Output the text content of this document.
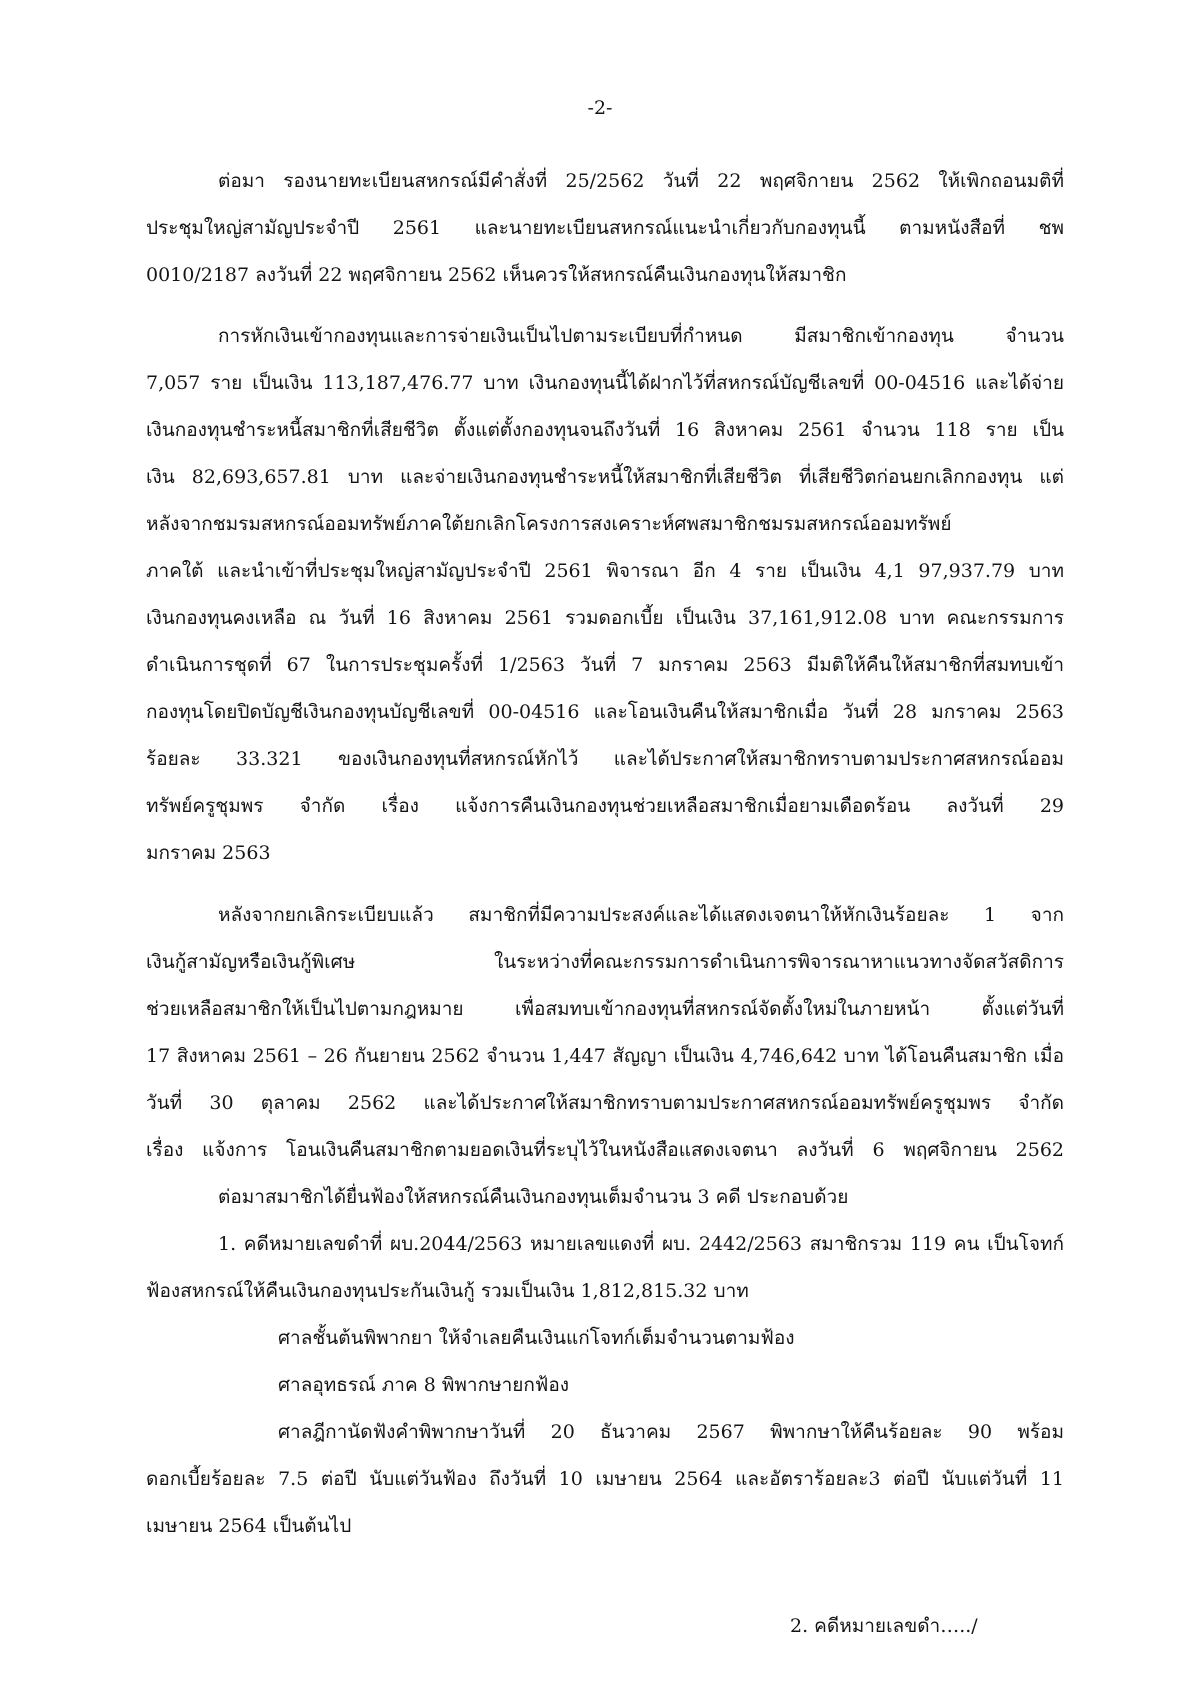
-2-
ต่อมา รองนายทะเบียนสหกรณ์มีคำสั่งที่ 25/2562 วันที่ 22 พฤศจิกายน 2562 ให้เพิกถอนมติที่
ประชุมใหญ่สามัญประจำปี 2561 และนายทะเบียนสหกรณ์แนะนำเกี่ยวกับกองทุนนี้ ตามหนังสือที่ ชพ
0010/2187 ลงวันที่ 22 พฤศจิกายน 2562 เห็นควรให้สหกรณ์คืนเงินกองทุนให้สมาชิก
การหักเงินเข้ากองทุนและการจ่ายเงินเป็นไปตามระเบียบที่กำหนด มีสมาชิกเข้ากองทุน จำนวน
7,057 ราย เป็นเงิน 113,187,476.77 บาท เงินกองทุนนี้ได้ฝากไว้ที่สหกรณ์บัญชีเลขที่ 00-04516 และได้จ่าย
เงินกองทุนชำระหนี้สมาชิกที่เสียชีวิต ตั้งแต่ตั้งกองทุนจนถึงวันที่ 16 สิงหาคม 2561 จำนวน 118 ราย เป็น
เงิน 82,693,657.81 บาท และจ่ายเงินกองทุนชำระหนี้ให้สมาชิกที่เสียชีวิต ที่เสียชีวิตก่อนยกเลิกกองทุน แต่
หลังจากชมรมสหกรณ์ออมทรัพย์ภาคใต้ยกเลิกโครงการสงเคราะห์ศพสมาชิกชมรมสหกรณ์ออมทรัพย์
ภาคใต้ และนำเข้าที่ประชุมใหญ่สามัญประจำปี 2561 พิจารณา อีก 4 ราย เป็นเงิน 4,1 97,937.79 บาท
เงินกองทุนคงเหลือ ณ วันที่ 16 สิงหาคม 2561 รวมดอกเบี้ย เป็นเงิน 37,161,912.08 บาท คณะกรรมการ
ดำเนินการชุดที่ 67 ในการประชุมครั้งที่ 1/2563 วันที่ 7 มกราคม 2563 มีมติให้คืนให้สมาชิกที่สมทบเข้า
กองทุนโดยปิดบัญชีเงินกองทุนบัญชีเลขที่ 00-04516 และโอนเงินคืนให้สมาชิกเมื่อ วันที่ 28 มกราคม 2563
ร้อยละ 33.321 ของเงินกองทุนที่สหกรณ์หักไว้ และได้ประกาศให้สมาชิกทราบตามประกาศสหกรณ์ออม
ทรัพย์ครูชุมพร จำกัด เรื่อง แจ้งการคืนเงินกองทุนช่วยเหลือสมาชิกเมื่อยามเดือดร้อน ลงวันที่ 29
มกราคม 2563
หลังจากยกเลิกระเบียบแล้ว สมาชิกที่มีความประสงค์และได้แสดงเจตนาให้หักเงินร้อยละ 1 จาก
เงินกู้สามัญหรือเงินกู้พิเศษ ในระหว่างที่คณะกรรมการดำเนินการพิจารณาหาแนวทางจัดสวัสดิการ
ช่วยเหลือสมาชิกให้เป็นไปตามกฎหมาย เพื่อสมทบเข้ากองทุนที่สหกรณ์จัดตั้งใหม่ในภายหน้า ตั้งแต่วันที่
17 สิงหาคม 2561 – 26 กันยายน 2562 จำนวน 1,447 สัญญา เป็นเงิน 4,746,642 บาท ได้โอนคืนสมาชิก เมื่อ
วันที่ 30 ตุลาคม 2562 และได้ประกาศให้สมาชิกทราบตามประกาศสหกรณ์ออมทรัพย์ครูชุมพร จำกัด
เรื่อง แจ้งการ โอนเงินคืนสมาชิกตามยอดเงินที่ระบุไว้ในหนังสือแสดงเจตนา ลงวันที่ 6 พฤศจิกายน 2562
ต่อมาสมาชิกได้ยื่นฟ้องให้สหกรณ์คืนเงินกองทุนเต็มจำนวน 3 คดี ประกอบด้วย
1. คดีหมายเลขดำที่ ผบ.2044/2563 หมายเลขแดงที่ ผบ. 2442/2563 สมาชิกรวม 119 คน เป็นโจทก์
ฟ้องสหกรณ์ให้คืนเงินกองทุนประกันเงินกู้ รวมเป็นเงิน 1,812,815.32 บาท
ศาลชั้นต้นพิพากยา ให้จำเลยคืนเงินแก่โจทก์เต็มจำนวนตามฟ้อง
ศาลอุทธรณ์ ภาค 8 พิพากษายกฟ้อง
ศาลฎีกานัดฟังคำพิพากษาวันที่ 20 ธันวาคม 2567 พิพากษาให้คืนร้อยละ 90 พร้อม
ดอกเบี้ยร้อยละ 7.5 ต่อปี นับแต่วันฟ้อง ถึงวันที่ 10 เมษายน 2564 และอัตราร้อยละ3 ต่อปี นับแต่วันที่ 11
เมษายน 2564 เป็นต้นไป
2. คดีหมายเลขดำ…../
